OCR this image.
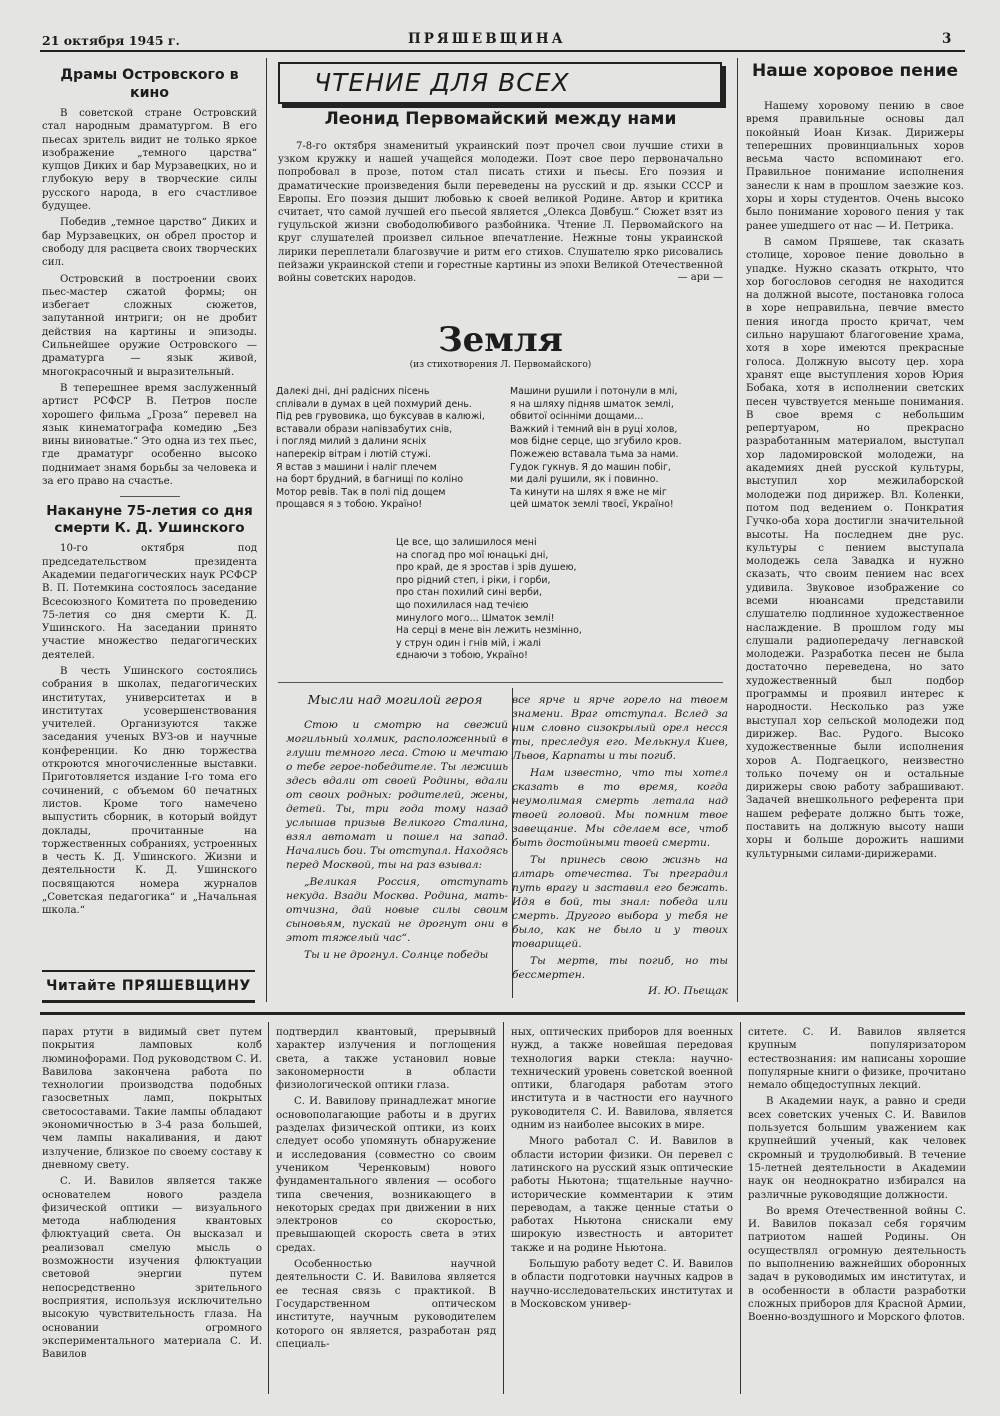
21 октября 1945 г.	ПРЯШЕВЩИНА	3
Драмы Островского в кино

В советской стране Островский стал народным драматургом. В его пьесах зритель видит не только яркое изображение „темного царства“ купцов Диких и бар Мурзавецких, но и глубокую веру в творческие силы русского народа, в его счастливое будущее.

Победив „темное царство“ Диких и бар Мурзавецких, он обрел простор и свободу для расцвета своих творческих сил.

Островский в построении своих пьес-мастер сжатой формы; он избегает сложных сюжетов, запутанной интриги; он не дробит действия на картины и эпизоды. Сильнейшее оружие Островского — драматурга — язык живой, многокрасочный и выразительный.

В теперешнее время заслуженный артист РСФСР В. Петров после хорошего фильма „Гроза“ перевел на язык кинематографа комедию „Без вины виноватые.“ Это одна из тех пьес, где драматург особенно высоко поднимает знамя борьбы за человека и за его право на счастье.

Накануне 75-летия со дня смерти К. Д. Ушинского

10-го октября под председательством президента Академии педагогических наук РСФСР В. П. Потемкина состоялось заседание Всесоюзного Комитета по проведению 75-летия со дня смерти К. Д. Ушинского. На заседании принято участие множество педагогических деятелей.

В честь Ушинского состоялись собрания в школах, педагогических институтах, университетах и в институтах усовершенствования учителей. Организуются также заседания ученых ВУЗ-ов и научные конференции. Ко дню торжества откроются многочисленные выставки. Приготовляется издание I-го тома его сочинений, с объемом 60 печатных листов. Кроме того намечено выпустить сборник, в который войдут доклады, прочитанные на торжественных собраниях, устроенных в честь К. Д. Ушинского. Жизни и деятельности К. Д. Ушинского посвящаются номера журналов „Советская педагогика“ и „Начальная школа.“

Читайте ПРЯШЕВЩИНУ
ЧТЕНИЕ ДЛЯ ВСЕХ
Леонид Первомайский между нами

7-8-го октября знаменитый украинский поэт прочел свои лучшие стихи в узком кружку и нашей учащейся молодежи. Поэт свое перо первоначально попробовал в прозе, потом стал писать стихи и пьесы. Его поэзия и драматические произведения были переведены на русский и др. языки СССР и Европы. Его поэзия дышит любовью к своей великой Родине. Автор и критика считает, что самой лучшей его пьесой является „Олекса Довбуш.“ Сюжет взят из гуцульской жизни свободолюбивого разбойника. Чтение Л. Первомайского на круг слушателей произвел сильное впечатление. Нежные тоны украинской лирики переплетали благозвучие и ритм его стихов. Слушателю ярко рисовались пейзажи украинской степи и горестные картины из эпохи Великой Отечественной войны советских народов.	— ари —
Земля
(из стихотворения Л. Первомайского)
Далекі дні, дні радісних пісень
сплівали в думах в цей похмурий день.
Під рев грувовика, що буксував в калюжі,
вставали образи напівзабутих снів,
і погляд милий з далини ясніх
наперекір вітрам і лютій стужі.
Я встав з машини і наліг плечем
на борт брудний, в багнищі по коліно
Мотор ревів. Так в полі під дощем
прощався я з тобою. Україно!
Машини рушили і потонули в млі,
я на шляху підняв шматок землі,
обвитої осінніми дощами...
Важкий і темний він в руці холов,
мов бідне серце, що згубило кров.
Пожежею вставала тьма за нами.
Гудок гукнув. Я до машин побіг,
ми далі рушили, як і повинно.
Та кинути на шлях я вже не міг
цей шматок землі твоєї, Україно!
Це все, що залишилося мені
на спогад про мої юнацькі дні,
про край, де я зростав і зрів душею,
про рідний степ, і ріки, і горби,
про стан похилий сині верби,
що похилилася над течією
минулого мого... Шматок землі!
На серці в мене він лежить незмінно,
у струн один і гнів мій, і жалі
єднаючи з тобою, Україно!
Мысли над могилой героя

Стою и смотрю на свежий могильный холмик, расположенный в глуши темного леса. Стою и мечтаю о тебе герое-победителе. Ты лежишь здесь вдали от своей Родины, вдали от своих родных: родителей, жены, детей. Ты, три года тому назад услышав призыв Великого Сталина, взял автомат и пошел на запад. Начались бои. Ты отступал. Находясь перед Москвой, ты на раз взывал:

„Великая Россия, отступать некуда. Взади Москва. Родина, мать-отчизна, дай новые силы своим сыновьям, пускай не дрогнут они в этот тяжелый час“.

Ты и не дрогнул. Солнце победы

все ярче и ярче горело на твоем знамени. Враг отступал. Вслед за ним словно сизокрылый орел несся ты, преследуя его. Мелькнул Киев, Львов, Карпаты и ты погиб.

Нам известно, что ты хотел сказать в то время, когда неумолимая смерть летала над твоей головой. Мы помним твое завещание. Мы сделаем все, чтоб быть достойными твоей смерти.

Ты принесь свою жизнь на алтарь отечества. Ты преградил путь врагу и заставил его бежать. Идя в бой, ты знал: победа или смерть. Другого выбора у тебя не было, как не было и у твоих товарищей.

Ты мертв, ты погиб, но ты бессмертен.

И. Ю. Пьещак
Наше хоровое пение

Нашему хоровому пению в свое время правильные основы дал покойный Иоан Кизак. Дирижеры теперешних провинциальных хоров весьма часто вспоминают его. Правильное понимание исполнения занесли к нам в прошлом заезжие коз. хоры и хоры студентов. Очень высоко было понимание хорового пения у так ранее ушедшего от нас — И. Петрика.

В самом Пряшеве, так сказать столице, хоровое пение довольно в упадке. Нужно сказать открыто, что хор богословов сегодня не находится на должной высоте, постановка голоса в хоре неправильна, певчие вместо пения иногда просто кричат, чем сильно нарушают благоговение храма, хотя в хоре имеются прекрасные голоса. Должную высоту цер. хора хранят еще выступления хоров Юрия Бобака, хотя в исполнении светских песен чувствуется меньше понимания. В свое время с небольшим репертуаром, но прекрасно разработанным материалом, выступал хор ладомировской молодежи, на академиях дней русской культуры, выступил хор межилаборской молодежи под дирижер. Вл. Коленки, потом под ведением о. Понкратия Гучко-оба хора достигли значительной высоты. На последнем дне рус. культуры с пением выступала молодежь села Завадка и нужно сказать, что своим пением нас всех удивила. Звуковое изображение со всеми нюансами представили слушателю подлинное художественное наслаждение. В прошлом году мы слушали радиопередачу легнавской молодежи. Разработка песен не была достаточно переведена, но зато художественный был подбор программы и проявил интерес к народности. Несколько раз уже выступал хор сельской молодежи под дирижер. Вас. Рудого. Высоко художественные были исполнения хоров А. Подгаецкого, неизвестно только почему он и остальные дирижеры свою работу забрашивают. Задачей внешкольного референта при нашем реферате должно быть тоже, поставить на должную высоту наши хоры и больше дорожить нашими культурными силами-дирижерами.

парах ртути в видимый свет путем покрытия ламповых колб люминофорами. Под руководством С. И. Вавилова закончена работа по технологии производства подобных газосветных ламп, покрытых светосоставами. Такие лампы обладают экономичностью в 3-4 раза большей, чем лампы накаливания, и дают излучение, близкое по своему составу к дневному свету.

С. И. Вавилов является также основателем нового раздела физической оптики — визуального метода наблюдения квантовых флюктуаций света. Он высказал и реализовал смелую мысль о возможности изучения флюктуации световой энергии путем непосредственно зрительного восприятия, используя исключительно высокую чувствительность глаза. На основании огромного экспериментального материала С. И. Вавилов

подтвердил квантовый, прерывный характер излучения и поглощения света, а также установил новые закономерности в области физиологической оптики глаза.

С. И. Вавилову принадлежат многие основополагающие работы и в других разделах физической оптики, из коих следует особо упомянуть обнаружение и исследования (совместно со своим учеником Черенковым) нового фундаментального явления — особого типа свечения, возникающего в некоторых средах при движении в них электронов со скоростью, превышающей скорость света в этих средах.

Особенностью научной деятельности С. И. Вавилова является ее тесная связь с практикой. В Государственном оптическом институте, научным руководителем которого он является, разработан ряд специаль-

ных, оптических приборов для военных нужд, а также новейшая передовая технология варки стекла: научно-технический уровень советской военной оптики, благодаря работам этого института и в частности его научного руководителя С. И. Вавилова, является одним из наиболее высоких в мире.

Много работал С. И. Вавилов в области истории физики. Он перевел с латинского на русский язык оптические работы Ньютона; тщательные научно-исторические комментарии к этим переводам, а также ценные статьи о работах Ньютона снискали ему широкую известность и авторитет также и на родине Ньютона.

Большую работу ведет С. И. Вавилов в области подготовки научных кадров в научно-исследовательских институтах и в Московском универ-

ситете. С. И. Вавилов является крупным популяризатором естествознания: им написаны хорошие популярные книги о физике, прочитано немало общедоступных лекций.

В Академии наук, а равно и среди всех советских ученых С. И. Вавилов пользуется большим уважением как крупнейший ученый, как человек скромный и трудолюбивый. В течение 15-летней деятельности в Академии наук он неоднократно избирался на различные руководящие должности.

Во время Отечественной войны С. И. Вавилов показал себя горячим патриотом нашей Родины. Он осуществлял огромную деятельность по выполнению важнейших оборонных задач в руководимых им институтах, и в особенности в области разработки сложных приборов для Красной Армии, Военно-воздушного и Морского флотов.
